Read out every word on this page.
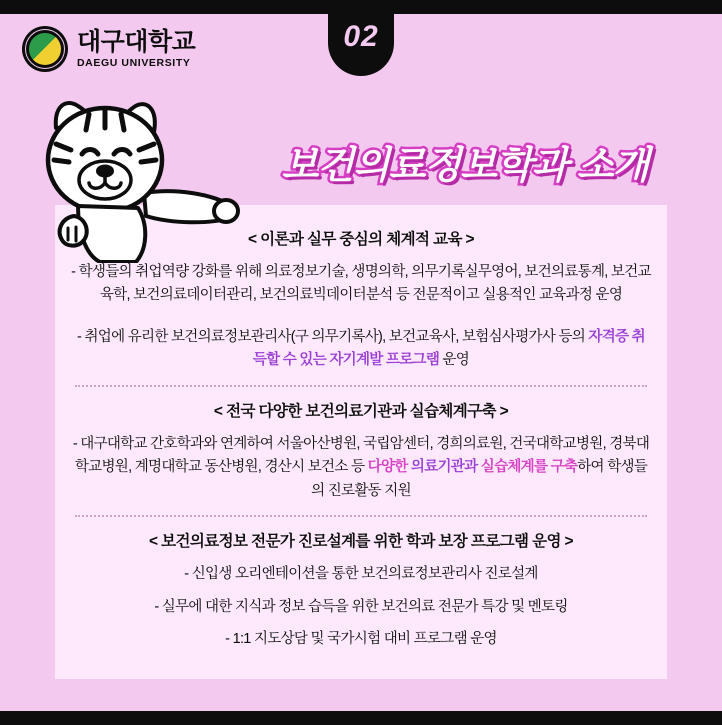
02
대구대학교
DAEGU UNIVERSITY
보건의료정보학과 소개
< 이론과 실무 중심의 체계적 교육 >

- 학생들의 취업역량 강화를 위해 의료정보기술, 생명의학, 의무기록실무영어, 보건의료통계, 보건교육학, 보건의료데이터관리, 보건의료빅데이터분석 등 전문적이고 실용적인 교육과정 운영

- 취업에 유리한 보건의료정보관리사(구 의무기록사), 보건교육사, 보험심사평가사 등의 자격증 취득할 수 있는 자기계발 프로그램 운영

< 전국 다양한 보건의료기관과 실습체계구축 >

- 대구대학교 간호학과와 연계하여 서울아산병원, 국립암센터, 경희의료원, 건국대학교병원, 경북대학교병원, 계명대학교 동산병원, 경산시 보건소 등 다양한 의료기관과 실습체계를 구축하여 학생들의 진로활동 지원

< 보건의료정보 전문가 진로설계를 위한 학과 보장 프로그램 운영 >

- 신입생 오리엔테이션을 통한 보건의료정보관리사 진로설계

- 실무에 대한 지식과 정보 습득을 위한 보건의료 전문가 특강 및 멘토링

- 1:1 지도상담 및 국가시험 대비 프로그램 운영
